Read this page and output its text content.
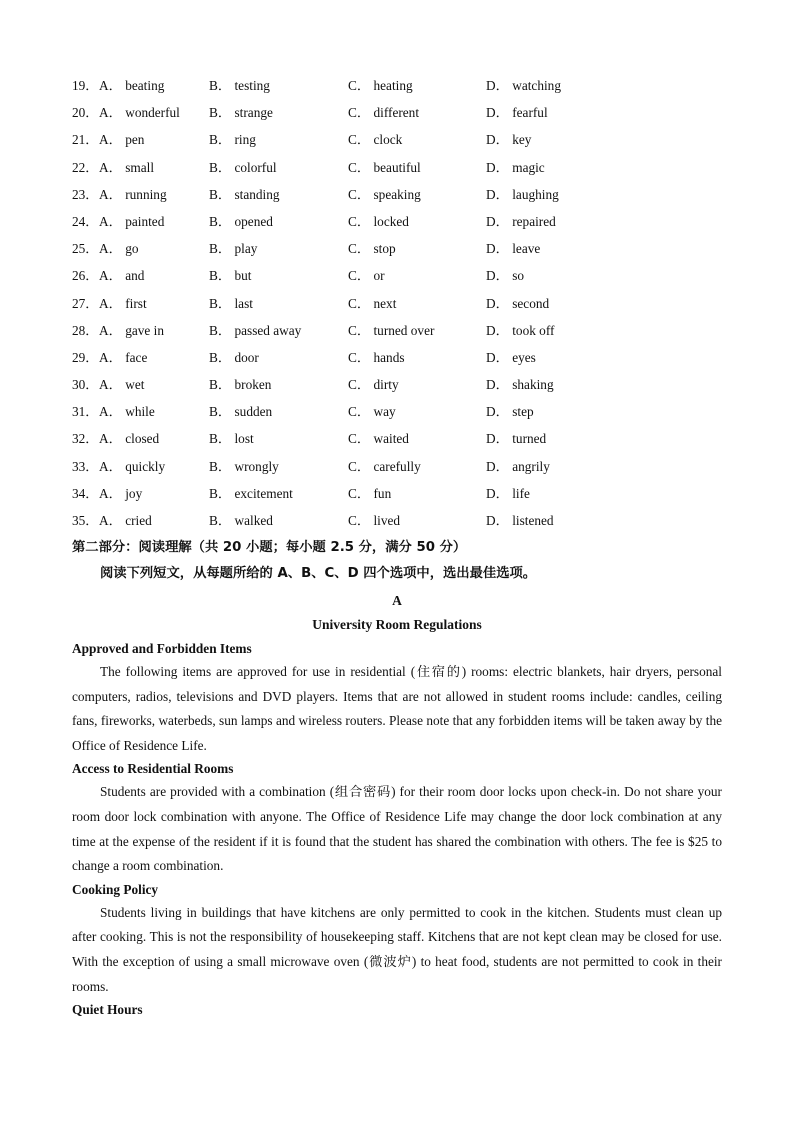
19． A． beating	B． testing	C． heating	D． watching
20． A． wonderful B． strange	C． different	D． fearful
21． A． pen	B． ring	C． clock	D． key
22． A． small	B． colorful	C． beautiful	D． magic
23． A． running	B． standing	C． speaking	D． laughing
24． A． painted	B． opened	C． locked	D． repaired
25． A． go	B． play	C． stop	D． leave
26． A． and	B． but	C． or	D． so
27． A． first	B． last	C． next	D． second
28． A． gave in	B． passed away	C． turned over	D． took off
29． A． face	B． door	C． hands	D． eyes
30． A． wet	B． broken	C． dirty	D． shaking
31． A． while	B． sudden	C． way	D． step
32． A． closed	B． lost	C． waited	D． turned
33． A． quickly	B． wrongly	C． carefully	D． angrily
34． A． joy	B． excitement	C． fun	D． life
35． A． cried	B． walked	C． lived	D． listened
第二部分：阅读理解（共 20 小题；每小题 2.5 分，满分 50 分）
阅读下列短文，从每题所给的 A、B、C、D 四个选项中，选出最佳选项。
A
University Room Regulations

Approved and Forbidden Items

The following items are approved for use in residential (住宿的) rooms: electric blankets, hair dryers, personal computers, radios, televisions and DVD players. Items that are not allowed in student rooms include: candles, ceiling fans, fireworks, waterbeds, sun lamps and wireless routers. Please note that any forbidden items will be taken away by the Office of Residence Life.

Access to Residential Rooms

Students are provided with a combination (组合密码) for their room door locks upon check-in. Do not share your room door lock combination with anyone. The Office of Residence Life may change the door lock combination at any time at the expense of the resident if it is found that the student has shared the combination with others. The fee is $25 to change a room combination.

Cooking Policy

Students living in buildings that have kitchens are only permitted to cook in the kitchen. Students must clean up after cooking. This is not the responsibility of housekeeping staff. Kitchens that are not kept clean may be closed for use. With the exception of using a small microwave oven (微波炉) to heat food, students are not permitted to cook in their rooms.

Quiet Hours
